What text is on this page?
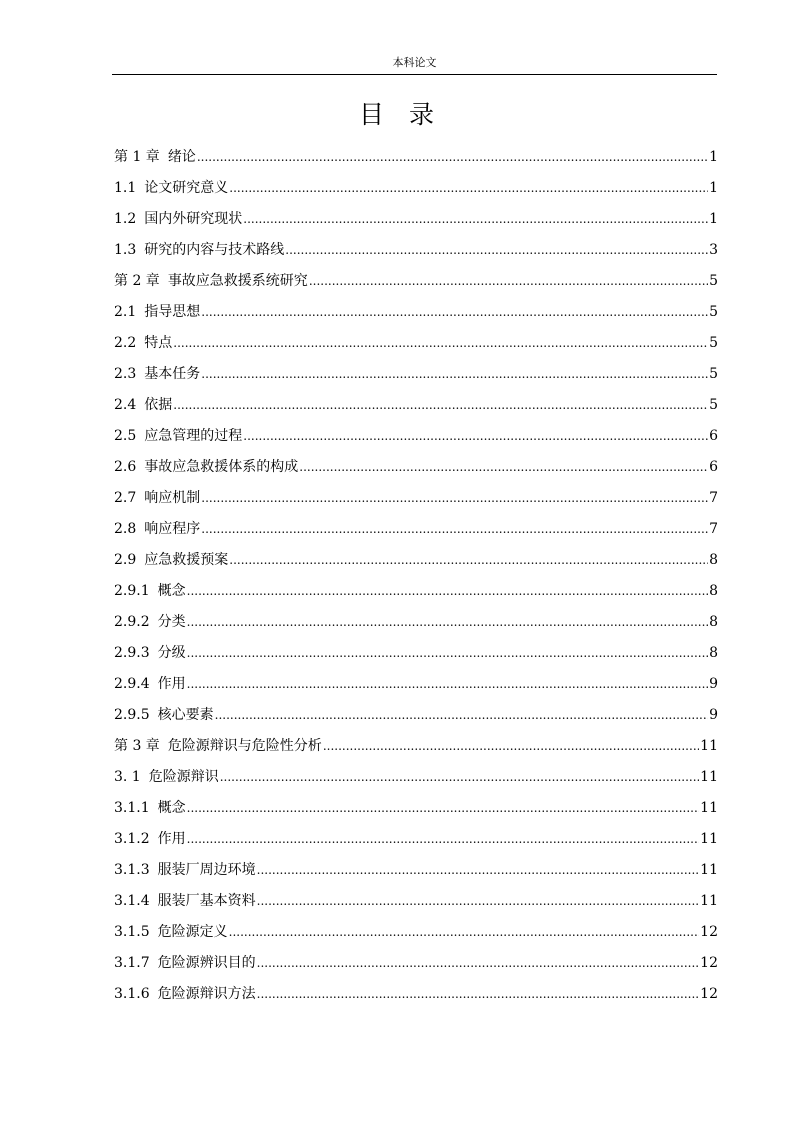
本科论文
目　录
第 1 章 绪论 .....	1
1.1 论文研究意义 .....	1
1.2 国内外研究现状 .....	1
1.3 研究的内容与技术路线 .....	3
第 2 章 事故应急救援系统研究 .....	5
2.1 指导思想 .....	5
2.2 特点 .....	5
2.3 基本任务 .....	5
2.4 依据 .....	5
2.5 应急管理的过程 .....	6
2.6 事故应急救援体系的构成 .....	6
2.7 响应机制 .....	7
2.8 响应程序 .....	7
2.9 应急救援预案 .....	8
2.9.1 概念 .....	8
2.9.2 分类 .....	8
2.9.3 分级 .....	8
2.9.4 作用 .....	9
2.9.5 核心要素 .....	9
第 3 章 危险源辩识与危险性分析 .....	11
3. 1 危险源辩识 .....	11
3.1.1 概念 .....	11
3.1.2 作用 .....	11
3.1.3 服装厂周边环境 .....	11
3.1.4 服装厂基本资料 .....	11
3.1.5 危险源定义 .....	12
3.1.7 危险源辨识目的 .....	12
3.1.6 危险源辩识方法 .....	12
